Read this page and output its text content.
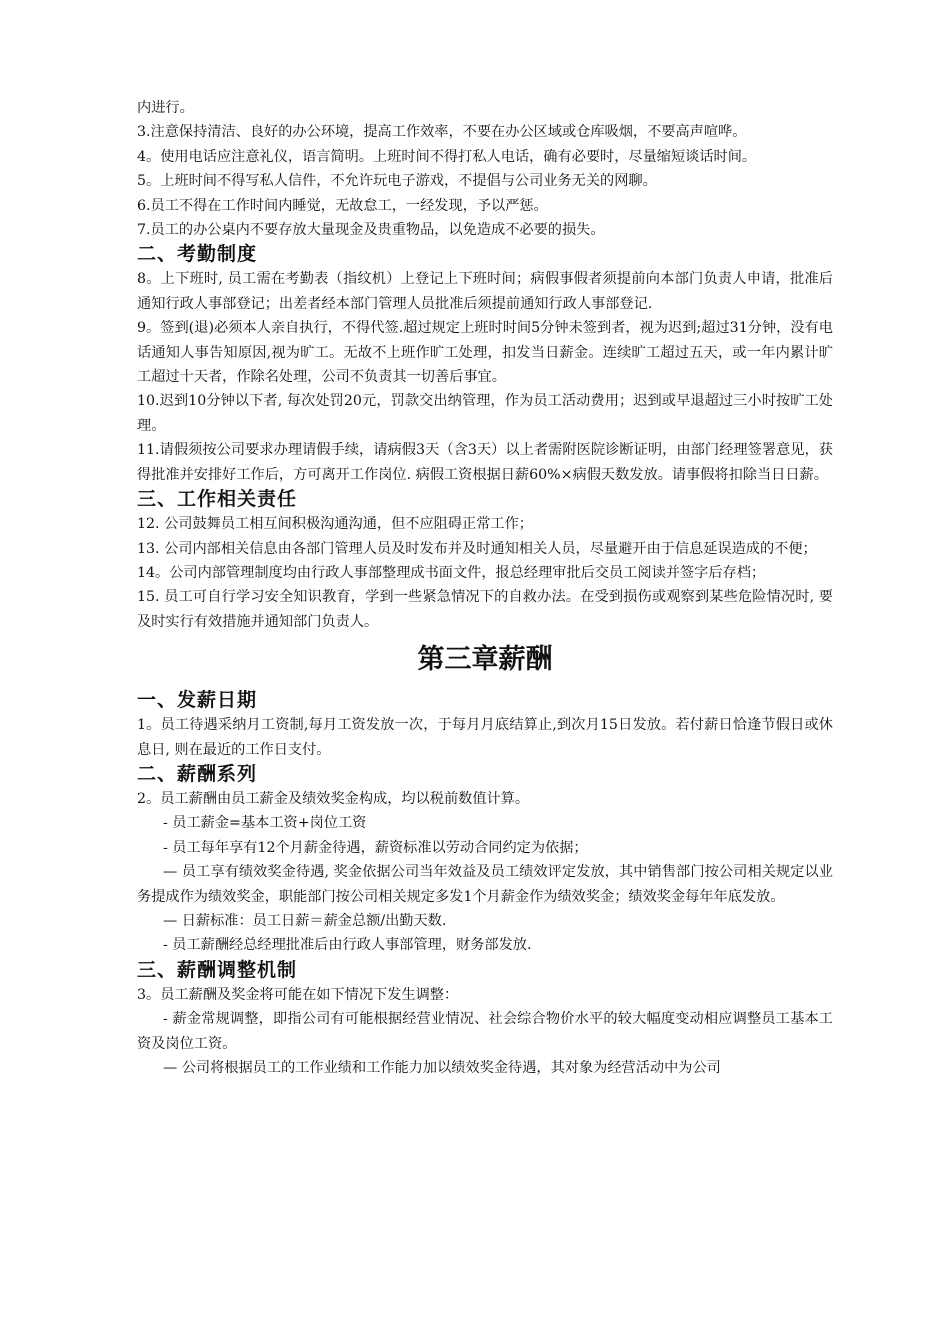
内进行。

3.注意保持清洁、良好的办公环境，提高工作效率，不要在办公区域或仓库吸烟，不要高声喧哗。

4。使用电话应注意礼仪，语言简明。上班时间不得打私人电话，确有必要时，尽量缩短谈话时间。

5。上班时间不得写私人信件，不允许玩电子游戏，不提倡与公司业务无关的网聊。

6.员工不得在工作时间内睡觉，无故怠工，一经发现，予以严惩。

7.员工的办公桌内不要存放大量现金及贵重物品，以免造成不必要的损失。

二、考勤制度

8。上下班时, 员工需在考勤表（指纹机）上登记上下班时间；病假事假者须提前向本部门负责人申请，批准后通知行政人事部登记；出差者经本部门管理人员批准后须提前通知行政人事部登记.

9。签到(退)必须本人亲自执行，不得代签.超过规定上班时时间5分钟未签到者，视为迟到;超过31分钟，没有电话通知人事告知原因,视为旷工。无故不上班作旷工处理，扣发当日薪金。连续旷工超过五天，或一年内累计旷工超过十天者，作除名处理，公司不负责其一切善后事宜。

10.迟到10分钟以下者, 每次处罚20元，罚款交出纳管理，作为员工活动费用；迟到或早退超过三小时按旷工处理。

11.请假须按公司要求办理请假手续，请病假3天（含3天）以上者需附医院诊断证明，由部门经理签署意见，获得批准并安排好工作后，方可离开工作岗位. 病假工资根据日薪60%×病假天数发放。请事假将扣除当日日薪。

三、工作相关责任

12. 公司鼓舞员工相互间积极沟通沟通，但不应阻碍正常工作；

13. 公司内部相关信息由各部门管理人员及时发布并及时通知相关人员，尽量避开由于信息延误造成的不便；

14。公司内部管理制度均由行政人事部整理成书面文件，报总经理审批后交员工阅读并签字后存档；

15. 员工可自行学习安全知识教育，学到一些紧急情况下的自救办法。在受到损伤或观察到某些危险情况时, 要及时实行有效措施并通知部门负责人。

第三章薪酬
一、发薪日期

1。员工待遇采纳月工资制,每月工资发放一次，于每月月底结算止,到次月15日发放。若付薪日恰逢节假日或休息日, 则在最近的工作日支付。

二、薪酬系列

2。员工薪酬由员工薪金及绩效奖金构成，均以税前数值计算。

- 员工薪金=基本工资+岗位工资

- 员工每年享有12个月薪金待遇，薪资标准以劳动合同约定为依据；

— 员工享有绩效奖金待遇, 奖金依据公司当年效益及员工绩效评定发放，其中销售部门按公司相关规定以业务提成作为绩效奖金，职能部门按公司相关规定多发1个月薪金作为绩效奖金；绩效奖金每年年底发放。

— 日薪标准：员工日薪＝薪金总额/出勤天数.

- 员工薪酬经总经理批准后由行政人事部管理，财务部发放.

三、薪酬调整机制

3。员工薪酬及奖金将可能在如下情况下发生调整：

- 薪金常规调整，即指公司有可能根据经营业情况、社会综合物价水平的较大幅度变动相应调整员工基本工资及岗位工资。

— 公司将根据员工的工作业绩和工作能力加以绩效奖金待遇，其对象为经营活动中为公司
